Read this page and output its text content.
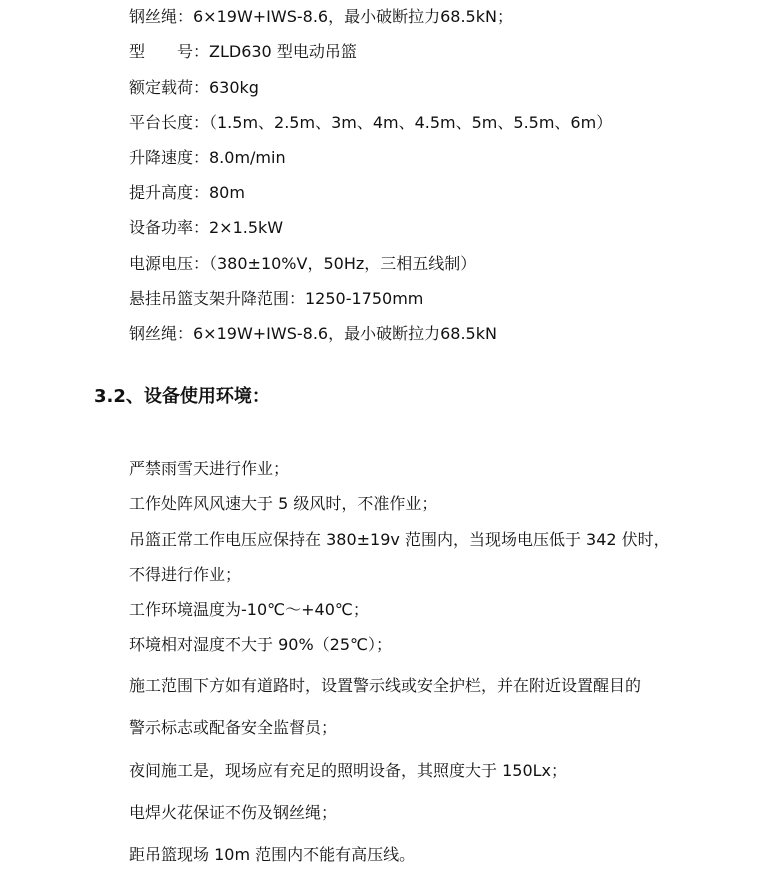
钢丝绳：6×19W+IWS-8.6，最小破断拉力68.5kN；
型　　号：ZLD630 型电动吊篮
额定载荷：630kg
平台长度：（1.5m、2.5m、3m、4m、4.5m、5m、5.5m、6m）
升降速度：8.0m/min
提升高度：80m
设备功率：2×1.5kW
电源电压：（380±10%V，50Hz，三相五线制）
悬挂吊篮支架升降范围：1250-1750mm
钢丝绳：6×19W+IWS-8.6，最小破断拉力68.5kN
3.2、设备使用环境：
严禁雨雪天进行作业；
工作处阵风风速大于 5 级风时，不准作业；
吊篮正常工作电压应保持在 380±19v 范围内，当现场电压低于 342 伏时，
不得进行作业；
工作环境温度为-10℃～+40℃；
环境相对湿度不大于 90%（25℃）；
施工范围下方如有道路时，设置警示线或安全护栏，并在附近设置醒目的
警示标志或配备安全监督员；
夜间施工是，现场应有充足的照明设备，其照度大于 150Lx；
电焊火花保证不伤及钢丝绳；
距吊篮现场 10m 范围内不能有高压线。
